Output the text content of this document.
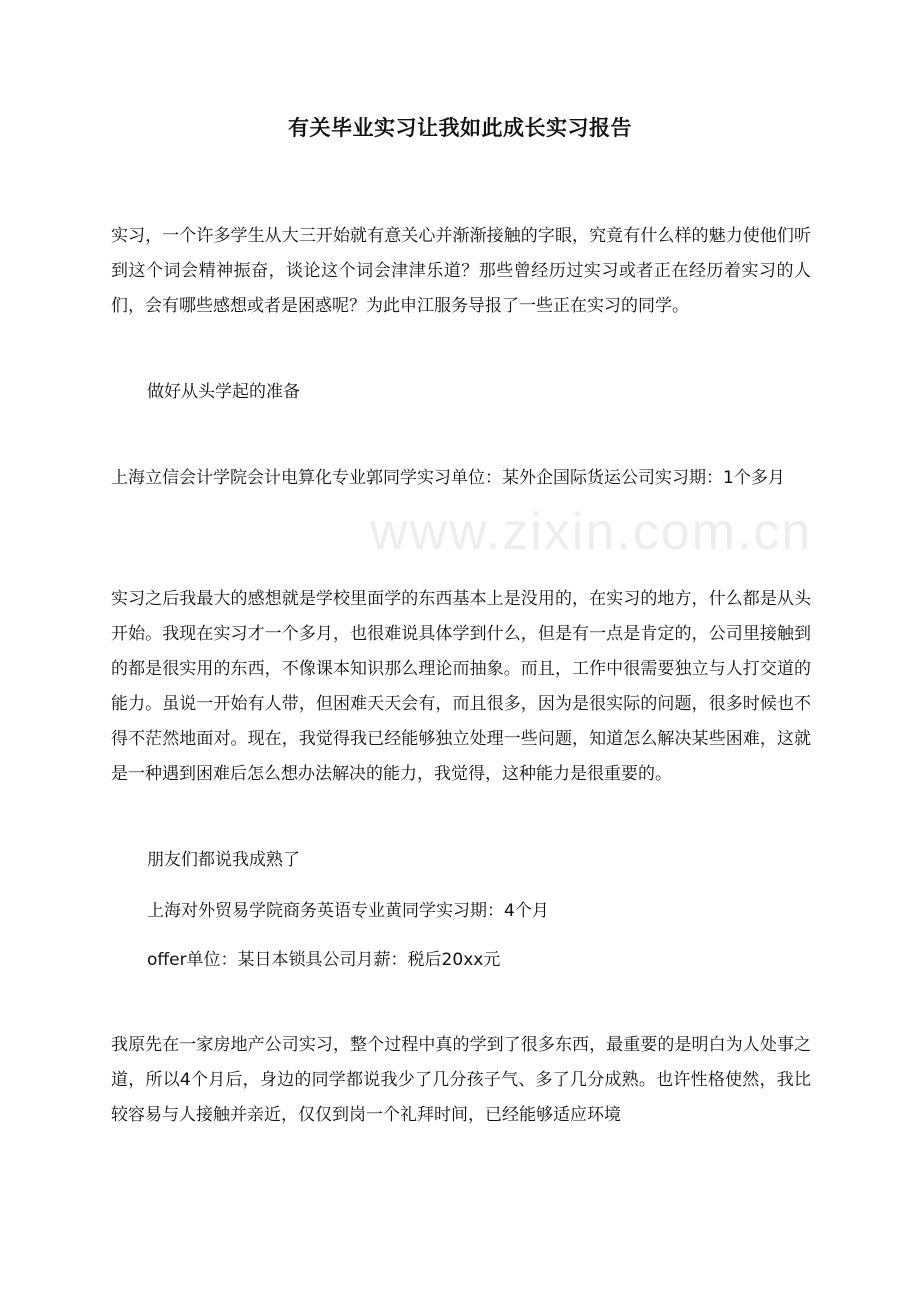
www.zixin.com.cn
有关毕业实习让我如此成长实习报告

实习，一个许多学生从大三开始就有意关心并渐渐接触的字眼，究竟有什么样的魅力使他们听到这个词会精神振奋，谈论这个词会津津乐道？那些曾经历过实习或者正在经历着实习的人们，会有哪些感想或者是困惑呢？为此申江服务导报了一些正在实习的同学。

做好从头学起的准备

上海立信会计学院会计电算化专业郭同学实习单位：某外企国际货运公司实习期：1个多月

实习之后我最大的感想就是学校里面学的东西基本上是没用的，在实习的地方，什么都是从头开始。我现在实习才一个多月，也很难说具体学到什么，但是有一点是肯定的，公司里接触到的都是很实用的东西，不像课本知识那么理论而抽象。而且，工作中很需要独立与人打交道的能力。虽说一开始有人带，但困难天天会有，而且很多，因为是很实际的问题，很多时候也不得不茫然地面对。现在，我觉得我已经能够独立处理一些问题，知道怎么解决某些困难，这就是一种遇到困难后怎么想办法解决的能力，我觉得，这种能力是很重要的。

朋友们都说我成熟了

上海对外贸易学院商务英语专业黄同学实习期：4个月

offer单位：某日本锁具公司月薪：税后20xx元

我原先在一家房地产公司实习，整个过程中真的学到了很多东西，最重要的是明白为人处事之道，所以4个月后，身边的同学都说我少了几分孩子气、多了几分成熟。也许性格使然，我比较容易与人接触并亲近，仅仅到岗一个礼拜时间，已经能够适应环境
